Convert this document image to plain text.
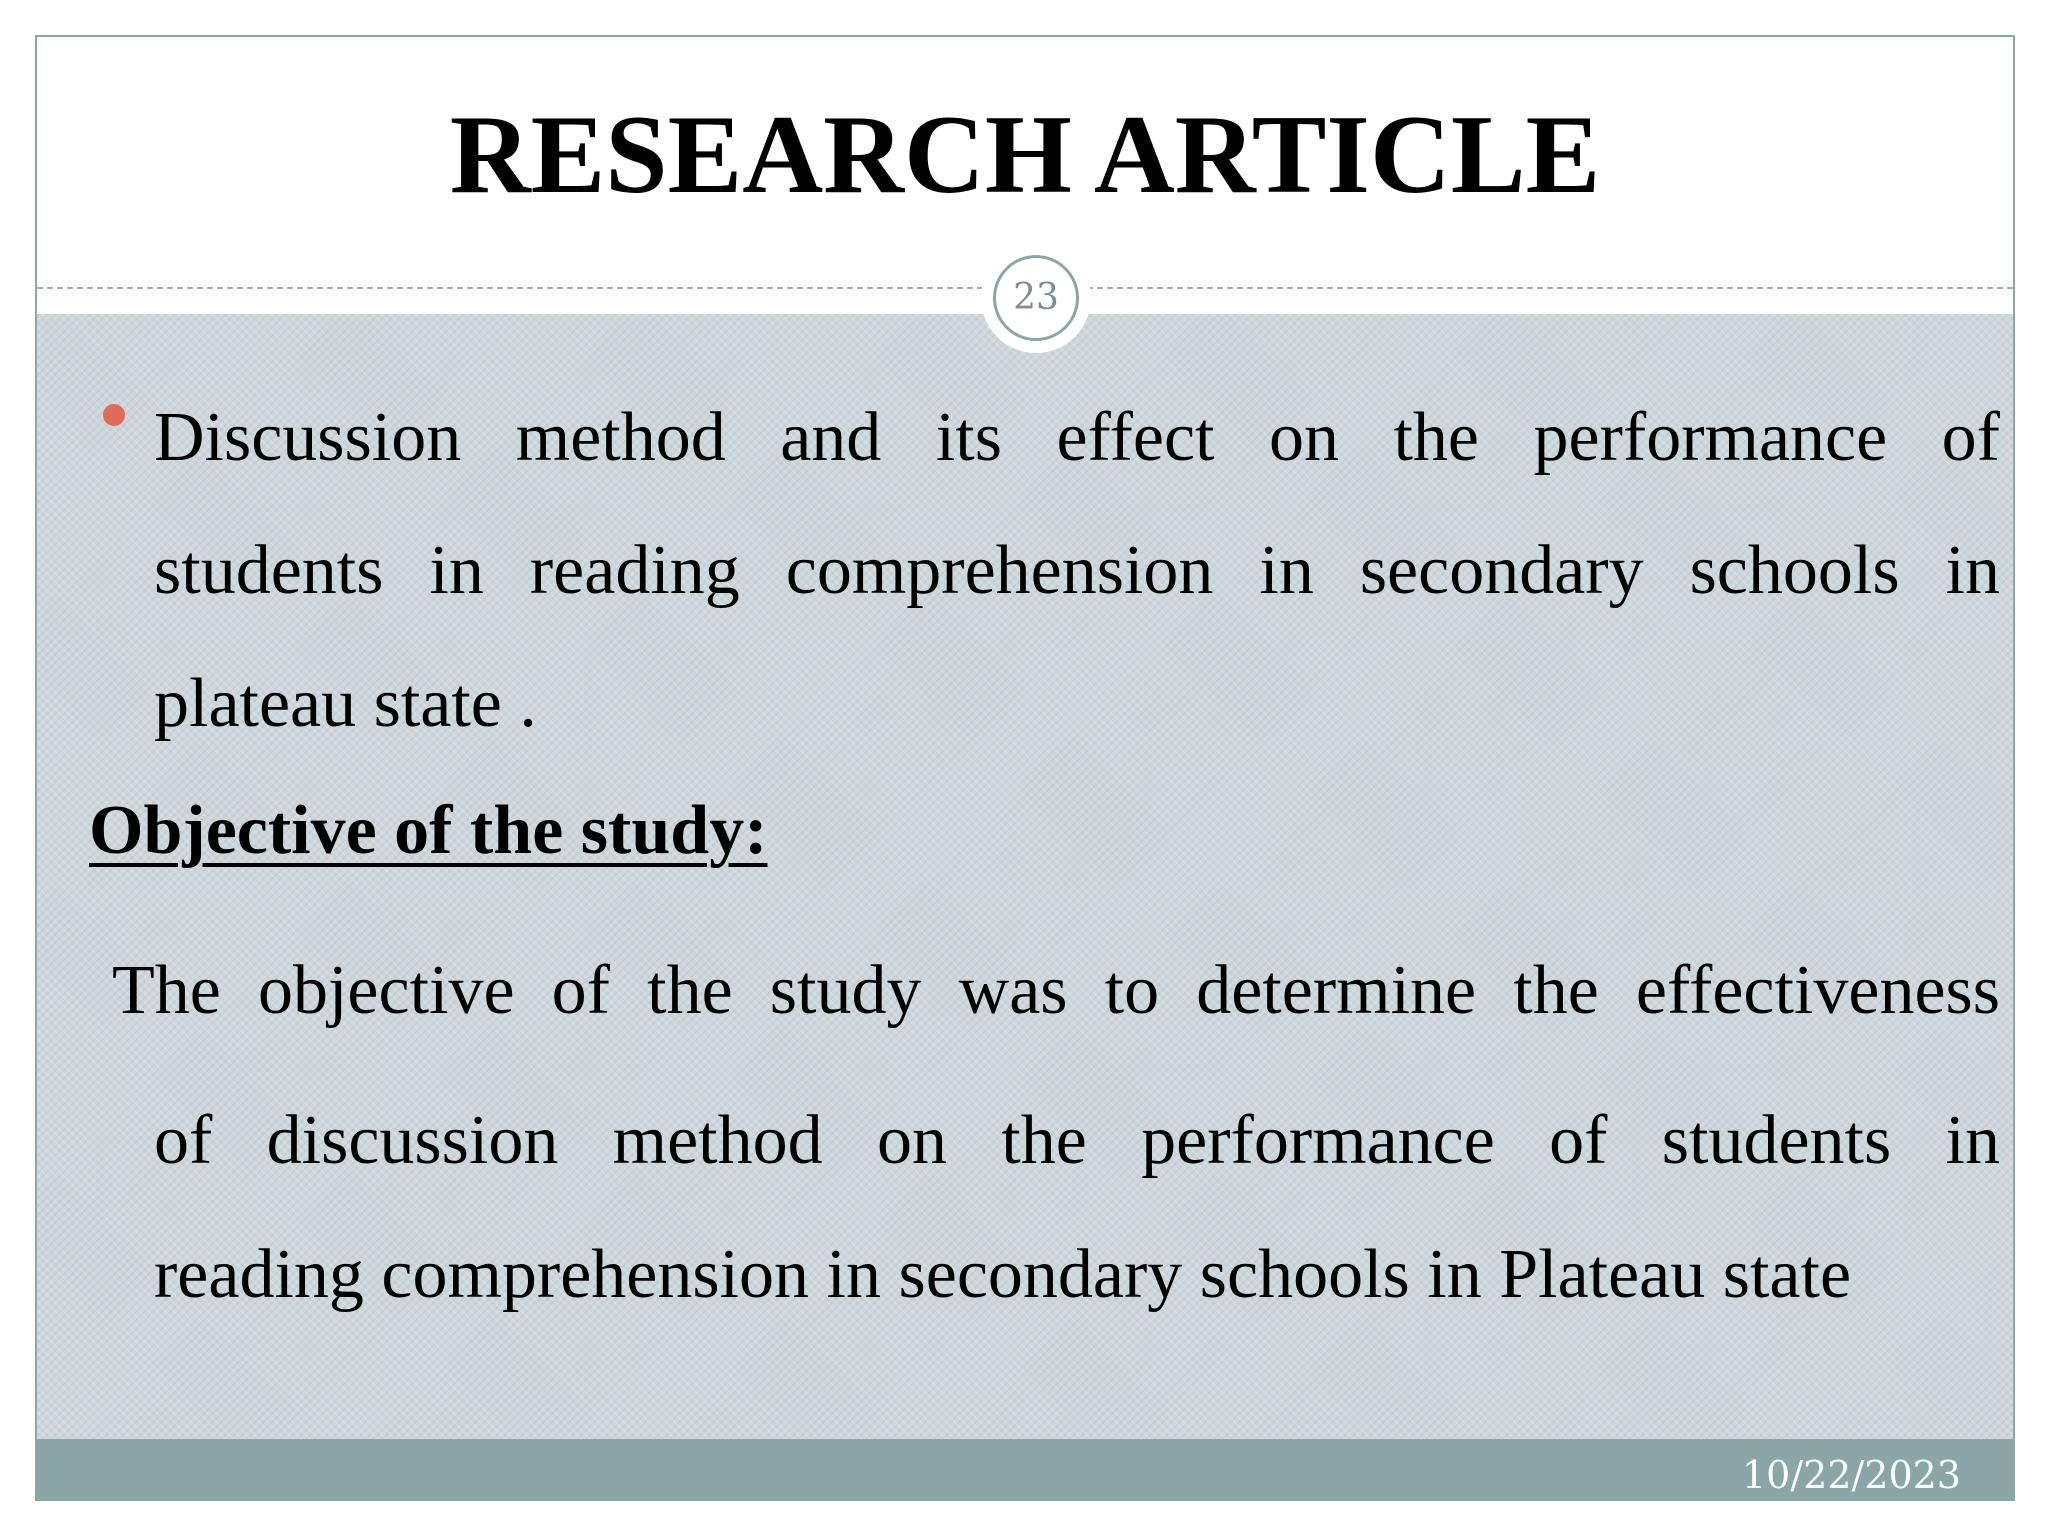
RESEARCH ARTICLE
23
Discussion method and its effect on the performance of
students in reading comprehension in secondary schools in
plateau state .

Objective of the study:

The objective of the study was to determine the effectiveness
of discussion method on the performance of students in
reading comprehension in secondary schools in Plateau state
10/22/2023
